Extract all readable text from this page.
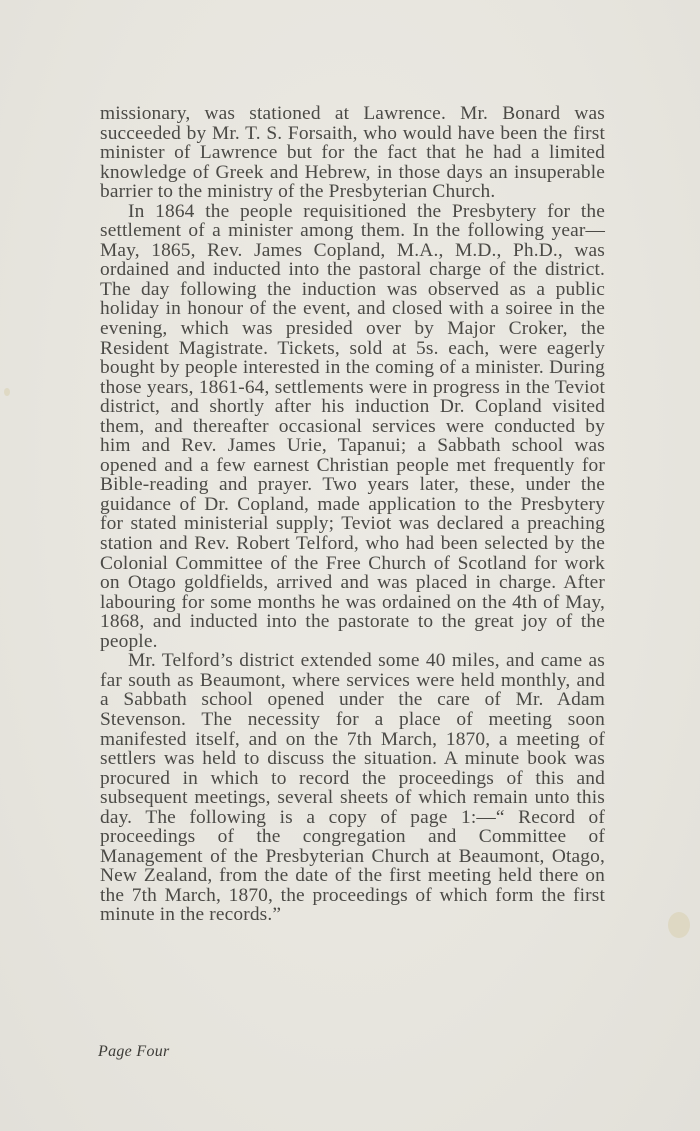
missionary, was stationed at Lawrence. Mr. Bonard was succeeded by Mr. T. S. Forsaith, who would have been the first minister of Lawrence but for the fact that he had a limited knowledge of Greek and Hebrew, in those days an insuperable barrier to the ministry of the Presbyterian Church.

In 1864 the people requisitioned the Presbytery for the settlement of a minister among them. In the following year—May, 1865, Rev. James Copland, M.A., M.D., Ph.D., was ordained and inducted into the pastoral charge of the district. The day following the induction was observed as a public holiday in honour of the event, and closed with a soiree in the evening, which was presided over by Major Croker, the Resident Magistrate. Tickets, sold at 5s. each, were eagerly bought by people interested in the coming of a minister. During those years, 1861-64, settlements were in progress in the Teviot district, and shortly after his induction Dr. Copland visited them, and thereafter occasional services were conducted by him and Rev. James Urie, Tapanui; a Sabbath school was opened and a few earnest Christian people met frequently for Bible-reading and prayer. Two years later, these, under the guidance of Dr. Copland, made application to the Presbytery for stated ministerial supply; Teviot was declared a preaching station and Rev. Robert Telford, who had been selected by the Colonial Committee of the Free Church of Scotland for work on Otago goldfields, arrived and was placed in charge. After labouring for some months he was ordained on the 4th of May, 1868, and inducted into the pastorate to the great joy of the people.

Mr. Telford’s district extended some 40 miles, and came as far south as Beaumont, where services were held monthly, and a Sabbath school opened under the care of Mr. Adam Stevenson. The necessity for a place of meeting soon manifested itself, and on the 7th March, 1870, a meeting of settlers was held to discuss the situation. A minute book was procured in which to record the proceedings of this and subsequent meetings, several sheets of which remain unto this day. The following is a copy of page 1:—“ Record of proceedings of the congregation and Committee of Management of the Presbyterian Church at Beaumont, Otago, New Zealand, from the date of the first meeting held there on the 7th March, 1870, the proceedings of which form the first minute in the records.”

Page Four
